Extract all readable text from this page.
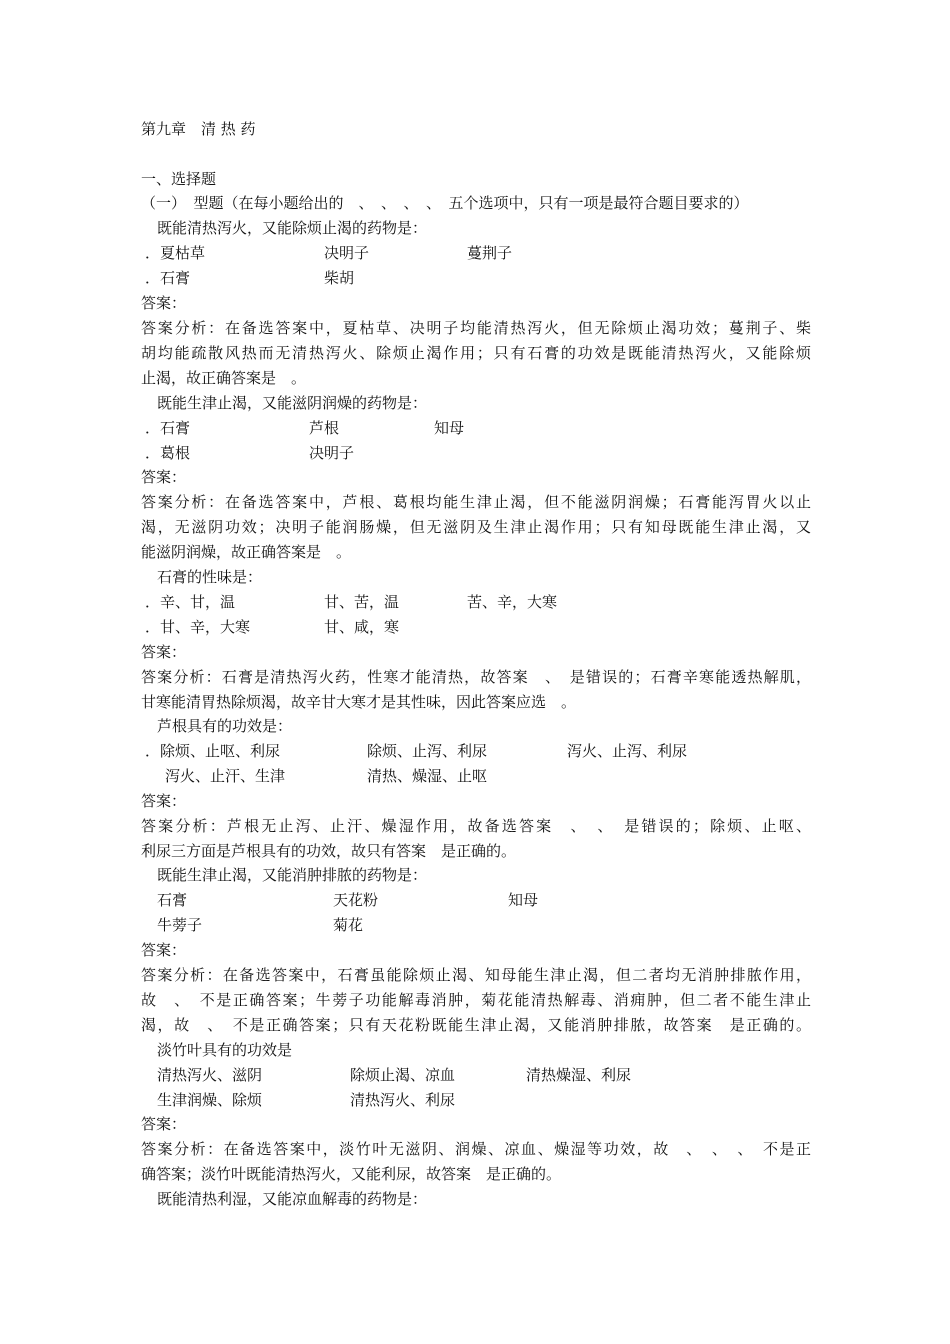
第九章　清 热 药
一、选择题
（一）　型题（在每小题给出的　、　、　、　、　五个选项中，只有一项是最符合题目要求的）
既能清热泻火，又能除烦止渴的药物是：
．夏枯草	决明子	蔓荆子
．石膏	柴胡
答案：
答案分析：在备选答案中，夏枯草、决明子均能清热泻火，但无除烦止渴功效；蔓荆子、柴
胡均能疏散风热而无清热泻火、除烦止渴作用；只有石膏的功效是既能清热泻火，又能除烦
止渴，故正确答案是　。
既能生津止渴，又能滋阴润燥的药物是：
．石膏	芦根	知母
．葛根	决明子
答案：
答案分析：在备选答案中，芦根、葛根均能生津止渴，但不能滋阴润燥；石膏能泻胃火以止
渴，无滋阴功效；决明子能润肠燥，但无滋阴及生津止渴作用；只有知母既能生津止渴，又
能滋阴润燥，故正确答案是　。
石膏的性味是：
．辛、甘，温	甘、苦，温	苦、辛，大寒
．甘、辛，大寒	甘、咸，寒
答案：
答案分析：石膏是清热泻火药，性寒才能清热，故答案　、　是错误的；石膏辛寒能透热解肌，
甘寒能清胃热除烦渴，故辛甘大寒才是其性味，因此答案应选　。
芦根具有的功效是：
．除烦、止呕、利尿	除烦、止泻、利尿	泻火、止泻、利尿
泻火、止汗、生津	清热、燥湿、止呕
答案：
答案分析：芦根无止泻、止汗、燥湿作用，故备选答案　、　、　是错误的；除烦、止呕、
利尿三方面是芦根具有的功效，故只有答案　是正确的。
既能生津止渴，又能消肿排脓的药物是：
石膏	天花粉	知母
牛蒡子	菊花
答案：
答案分析：在备选答案中，石膏虽能除烦止渴、知母能生津止渴，但二者均无消肿排脓作用，
故　、　不是正确答案；牛蒡子功能解毒消肿，菊花能清热解毒、消痈肿，但二者不能生津止
渴，故　、　不是正确答案；只有天花粉既能生津止渴，又能消肿排脓，故答案　是正确的。
淡竹叶具有的功效是
清热泻火、滋阴	除烦止渴、凉血	清热燥湿、利尿
生津润燥、除烦	清热泻火、利尿
答案：
答案分析：在备选答案中，淡竹叶无滋阴、润燥、凉血、燥湿等功效，故　、　、　、　不是正
确答案；淡竹叶既能清热泻火，又能利尿，故答案　是正确的。
既能清热利湿，又能凉血解毒的药物是：
